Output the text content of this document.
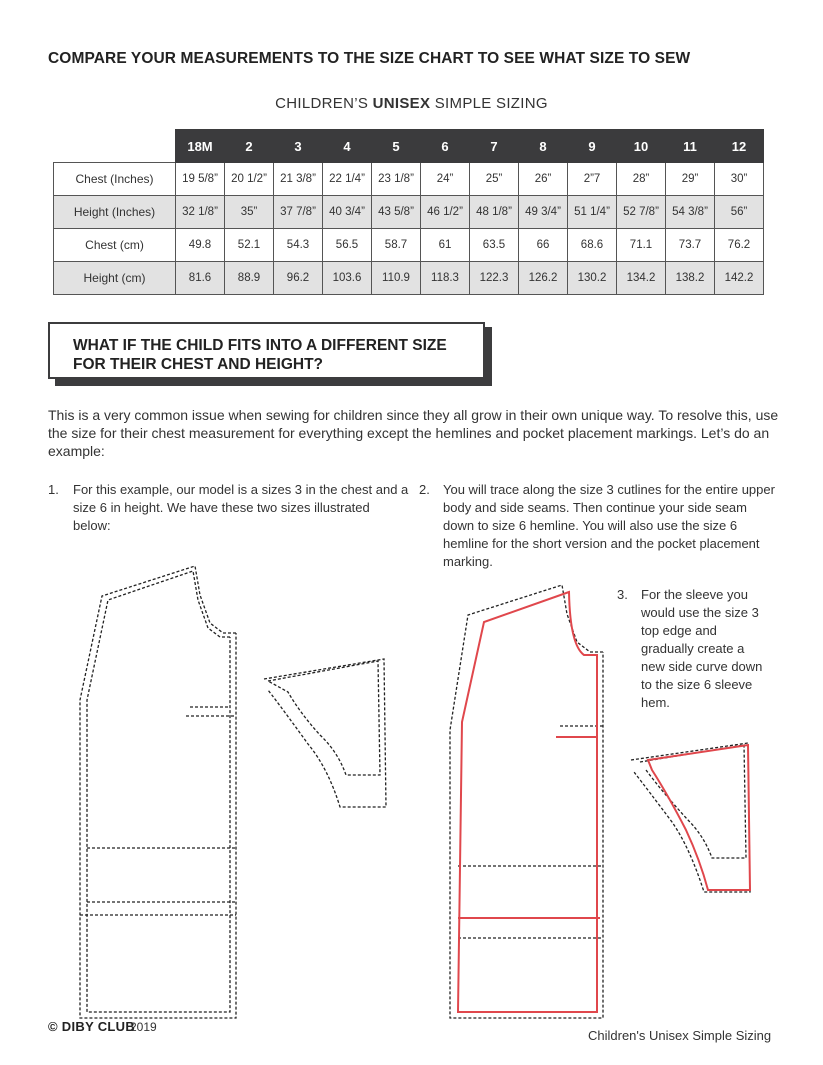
COMPARE YOUR MEASUREMENTS TO THE SIZE CHART TO SEE WHAT SIZE TO SEW
CHILDREN’S UNISEX SIMPLE SIZING
	18M	2	3	4	5	6	7	8	9	10	11	12
Chest (Inches)	19 5/8”	20 1/2”	21 3/8”	22 1/4”	23 1/8”	24”	25”	26”	2”7	28”	29”	30”
Height (Inches)	32 1/8”	35”	37 7/8”	40 3/4”	43 5/8”	46 1/2”	48 1/8”	49 3/4”	51 1/4”	52 7/8”	54 3/8”	56”
Chest (cm)	49.8	52.1	54.3	56.5	58.7	61	63.5	66	68.6	71.1	73.7	76.2
Height (cm)	81.6	88.9	96.2	103.6	110.9	118.3	122.3	126.2	130.2	134.2	138.2	142.2
WHAT IF THE CHILD FITS INTO A DIFFERENT SIZE
FOR THEIR CHEST AND HEIGHT?
This is a very common issue when sewing for children since they all grow in their own unique way. To resolve this, use the size for their chest measurement for everything except the hemlines and pocket placement markings. Let’s do an example:
1. For this example, our model is a sizes 3 in the chest and a size 6 in height. We have these two sizes illustrated below:
2. You will trace along the size 3 cutlines for the entire upper body and side seams. Then continue your side seam down to size 6 hemline. You will also use the size 6 hemline for the short version and the pocket placement marking.
3. For the sleeve you would use the size 3 top edge and gradually create a new side curve down to the size 6 sleeve hem.
© DIBY CLUB
2019
Children's Unisex Simple Sizing
